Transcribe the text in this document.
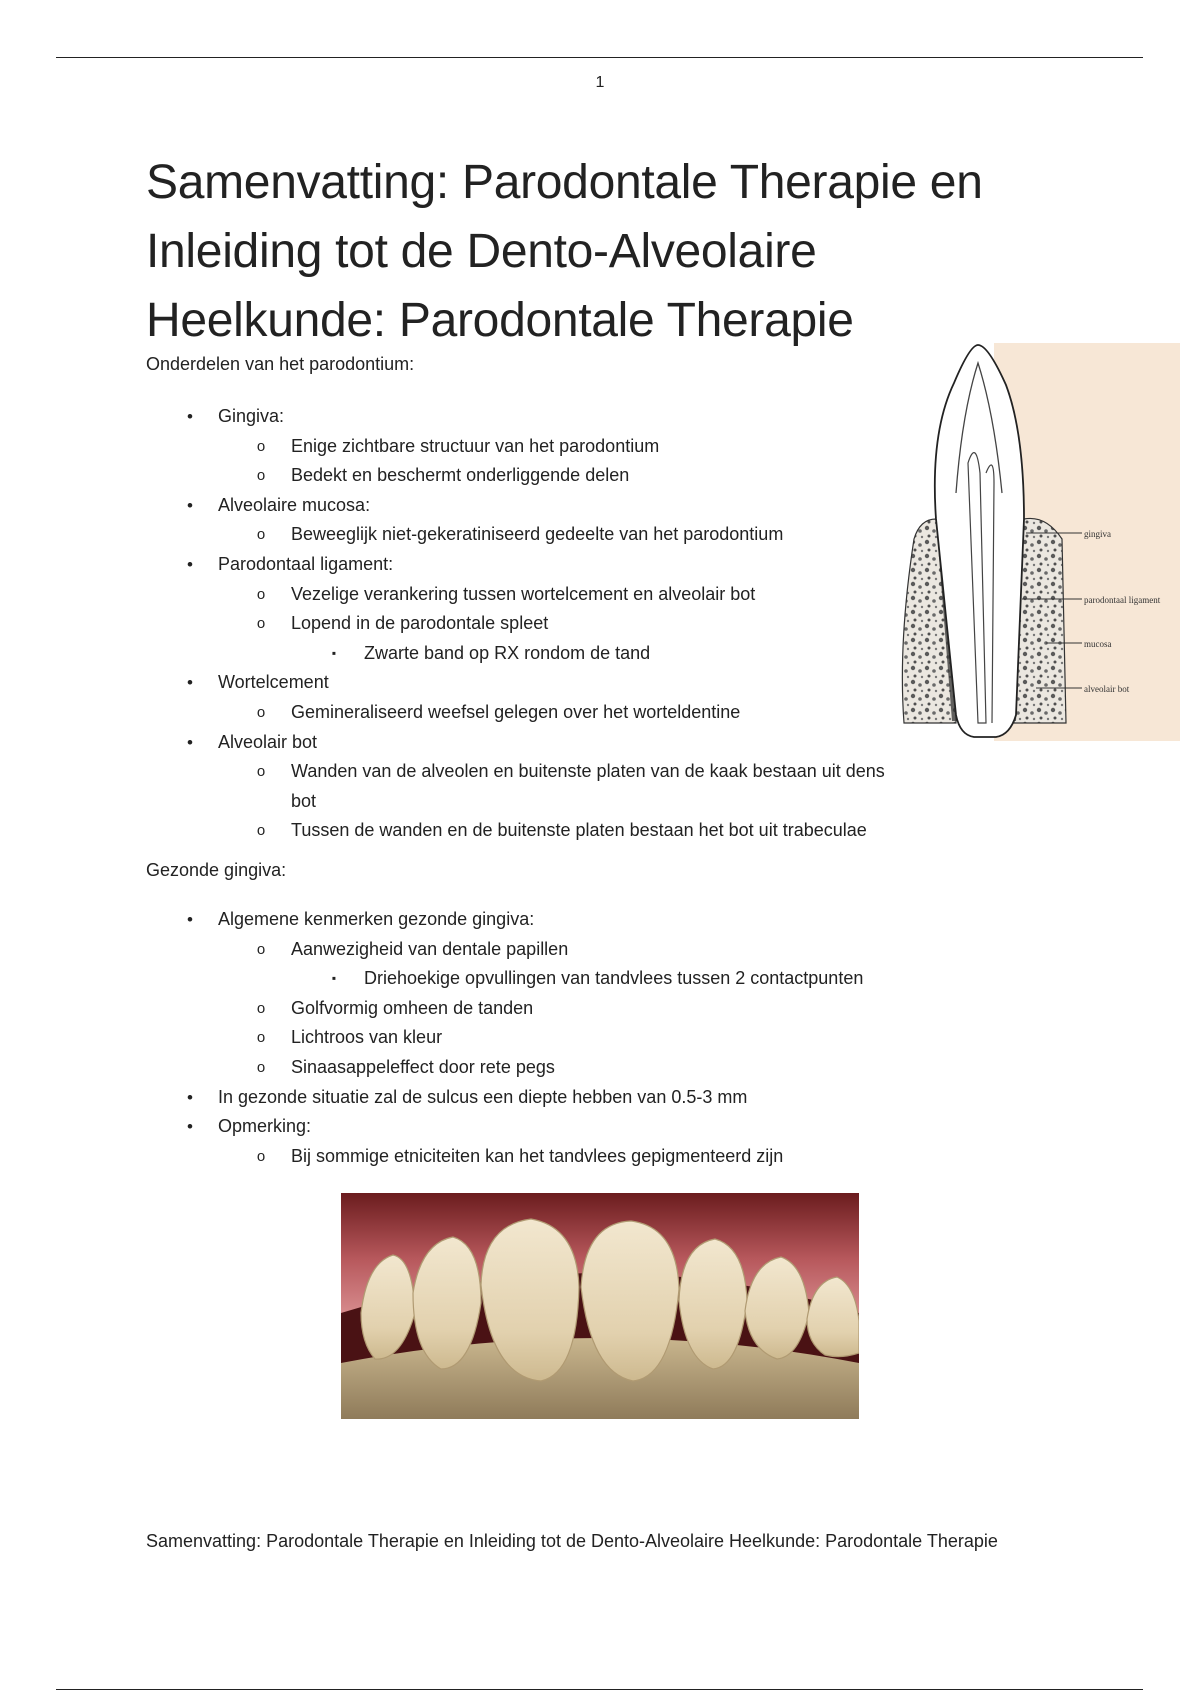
1
Samenvatting: Parodontale Therapie en Inleiding tot de Dento-Alveolaire Heelkunde: Parodontale Therapie
Onderdelen van het parodontium:
•	Gingiva:
o	Enige zichtbare structuur van het parodontium
o	Bedekt en beschermt onderliggende delen
•	Alveolaire mucosa:
o	Beweeglijk niet-gekeratiniseerd gedeelte van het parodontium
•	Parodontaal ligament:
o	Vezelige verankering tussen wortelcement en alveolair bot
o	Lopend in de parodontale spleet
▪	Zwarte band op RX rondom de tand
•	Wortelcement
o	Gemineraliseerd weefsel gelegen over het worteldentine
•	Alveolair bot
o	Wanden van de alveolen en buitenste platen van de kaak bestaan uit dens bot
o	Tussen de wanden en de buitenste platen bestaan het bot uit trabeculae
gingiva
parodontaal ligament
mucosa
alveolair bot
Gezonde gingiva:
•	Algemene kenmerken gezonde gingiva:
o	Aanwezigheid van dentale papillen
▪	Driehoekige opvullingen van tandvlees tussen 2 contactpunten
o	Golfvormig omheen de tanden
o	Lichtroos van kleur
o	Sinaasappeleffect door rete pegs
•	In gezonde situatie zal de sulcus een diepte hebben van 0.5-3 mm
•	Opmerking:
o	Bij sommige etniciteiten kan het tandvlees gepigmenteerd zijn
Samenvatting: Parodontale Therapie en Inleiding tot de Dento-Alveolaire Heelkunde: Parodontale Therapie
